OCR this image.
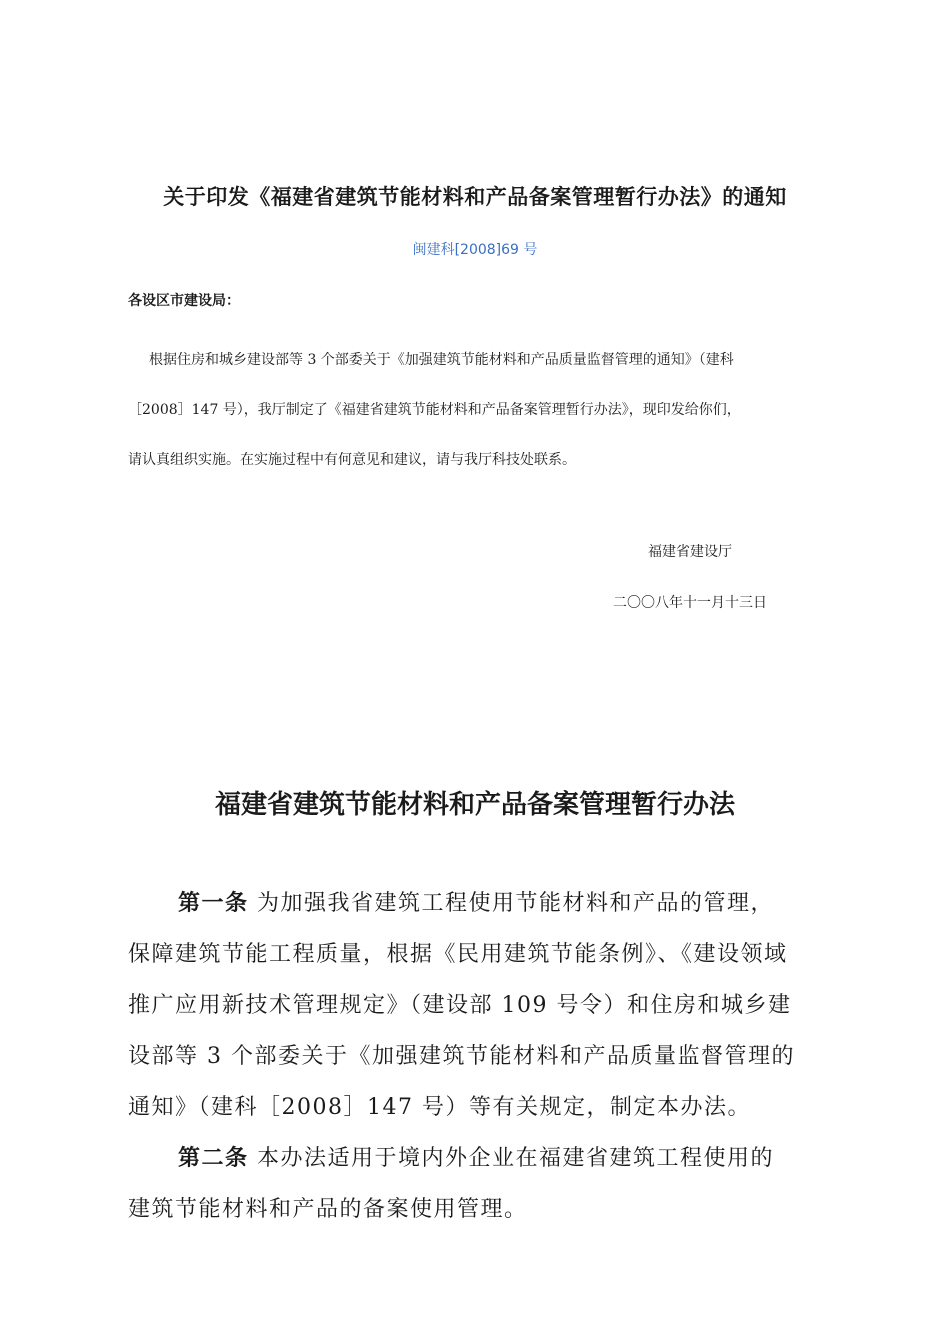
关于印发《福建省建筑节能材料和产品备案管理暂行办法》的通知
闽建科[2008]69 号
各设区市建设局：

根据住房和城乡建设部等 3 个部委关于《加强建筑节能材料和产品质量监督管理的通知》（建科
［2008］147 号），我厅制定了《福建省建筑节能材料和产品备案管理暂行办法》，现印发给你们，
请认真组织实施。在实施过程中有何意见和建议，请与我厅科技处联系。

福建省建设厅
二〇〇八年十一月十三日
福建省建筑节能材料和产品备案管理暂行办法
第一条 为加强我省建筑工程使用节能材料和产品的管理，
保障建筑节能工程质量，根据《民用建筑节能条例》、《建设领域
推广应用新技术管理规定》（建设部 109 号令）和住房和城乡建
设部等 3 个部委关于《加强建筑节能材料和产品质量监督管理的
通知》（建科［2008］147 号）等有关规定，制定本办法。
第二条 本办法适用于境内外企业在福建省建筑工程使用的
建筑节能材料和产品的备案使用管理。
